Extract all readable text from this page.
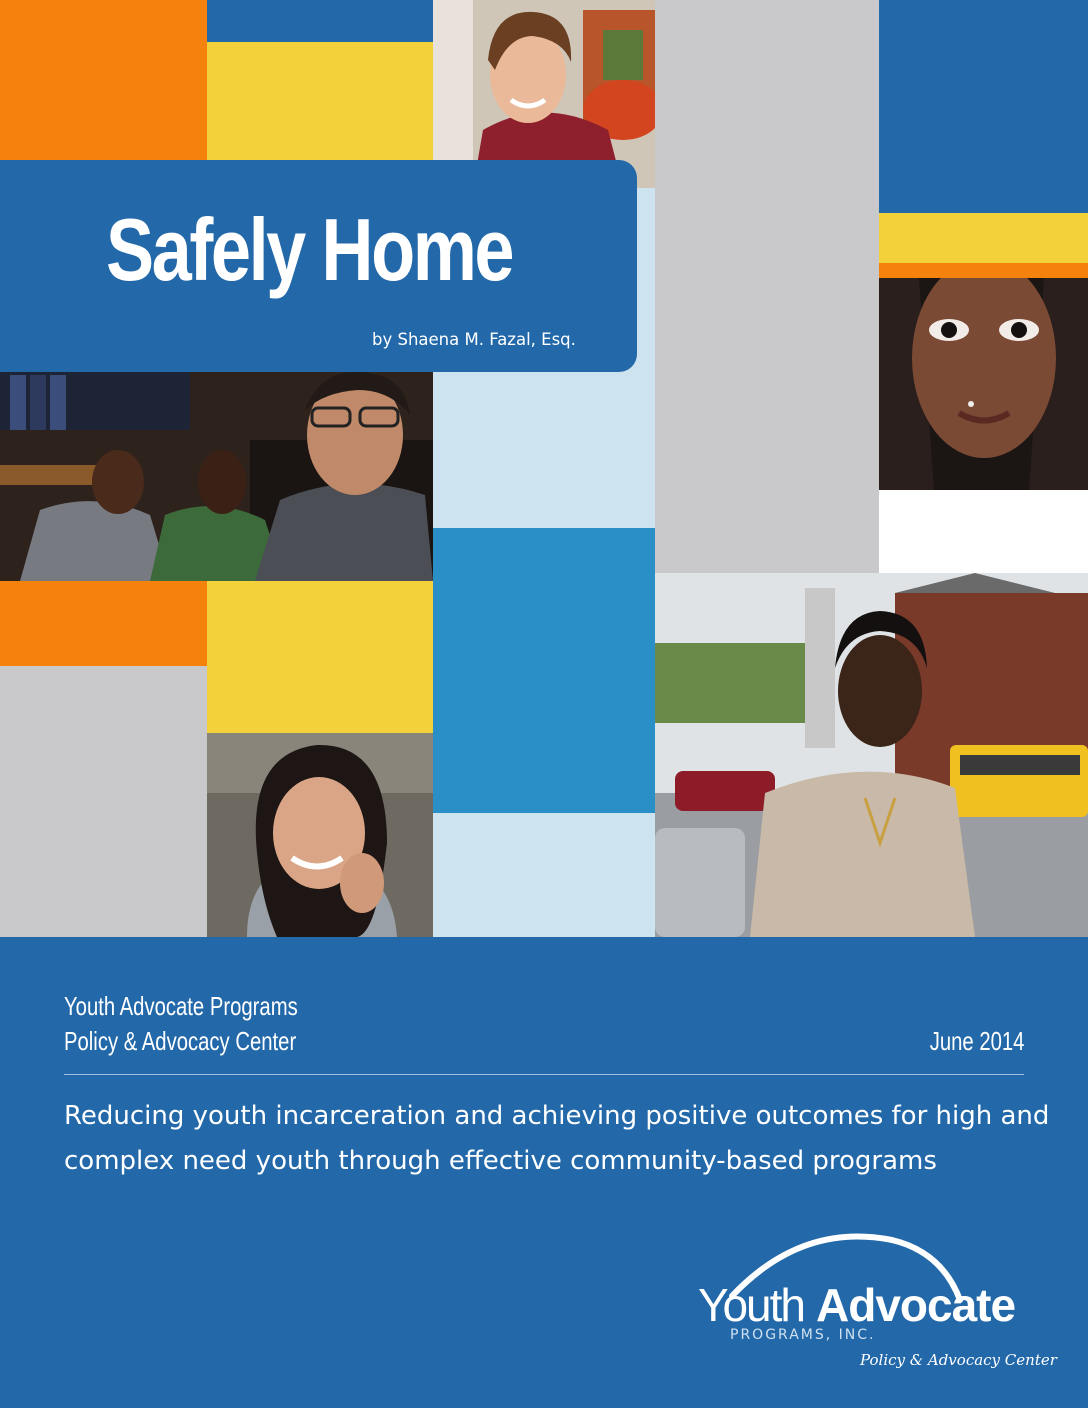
Safely Home
by Shaena M. Fazal, Esq.
Youth Advocate Programs
Policy & Advocacy Center	June 2014
Reducing youth incarceration and achieving positive outcomes for high and complex need youth through effective community-based programs
Youth Advocate
PROGRAMS, INC.
Policy & Advocacy Center
